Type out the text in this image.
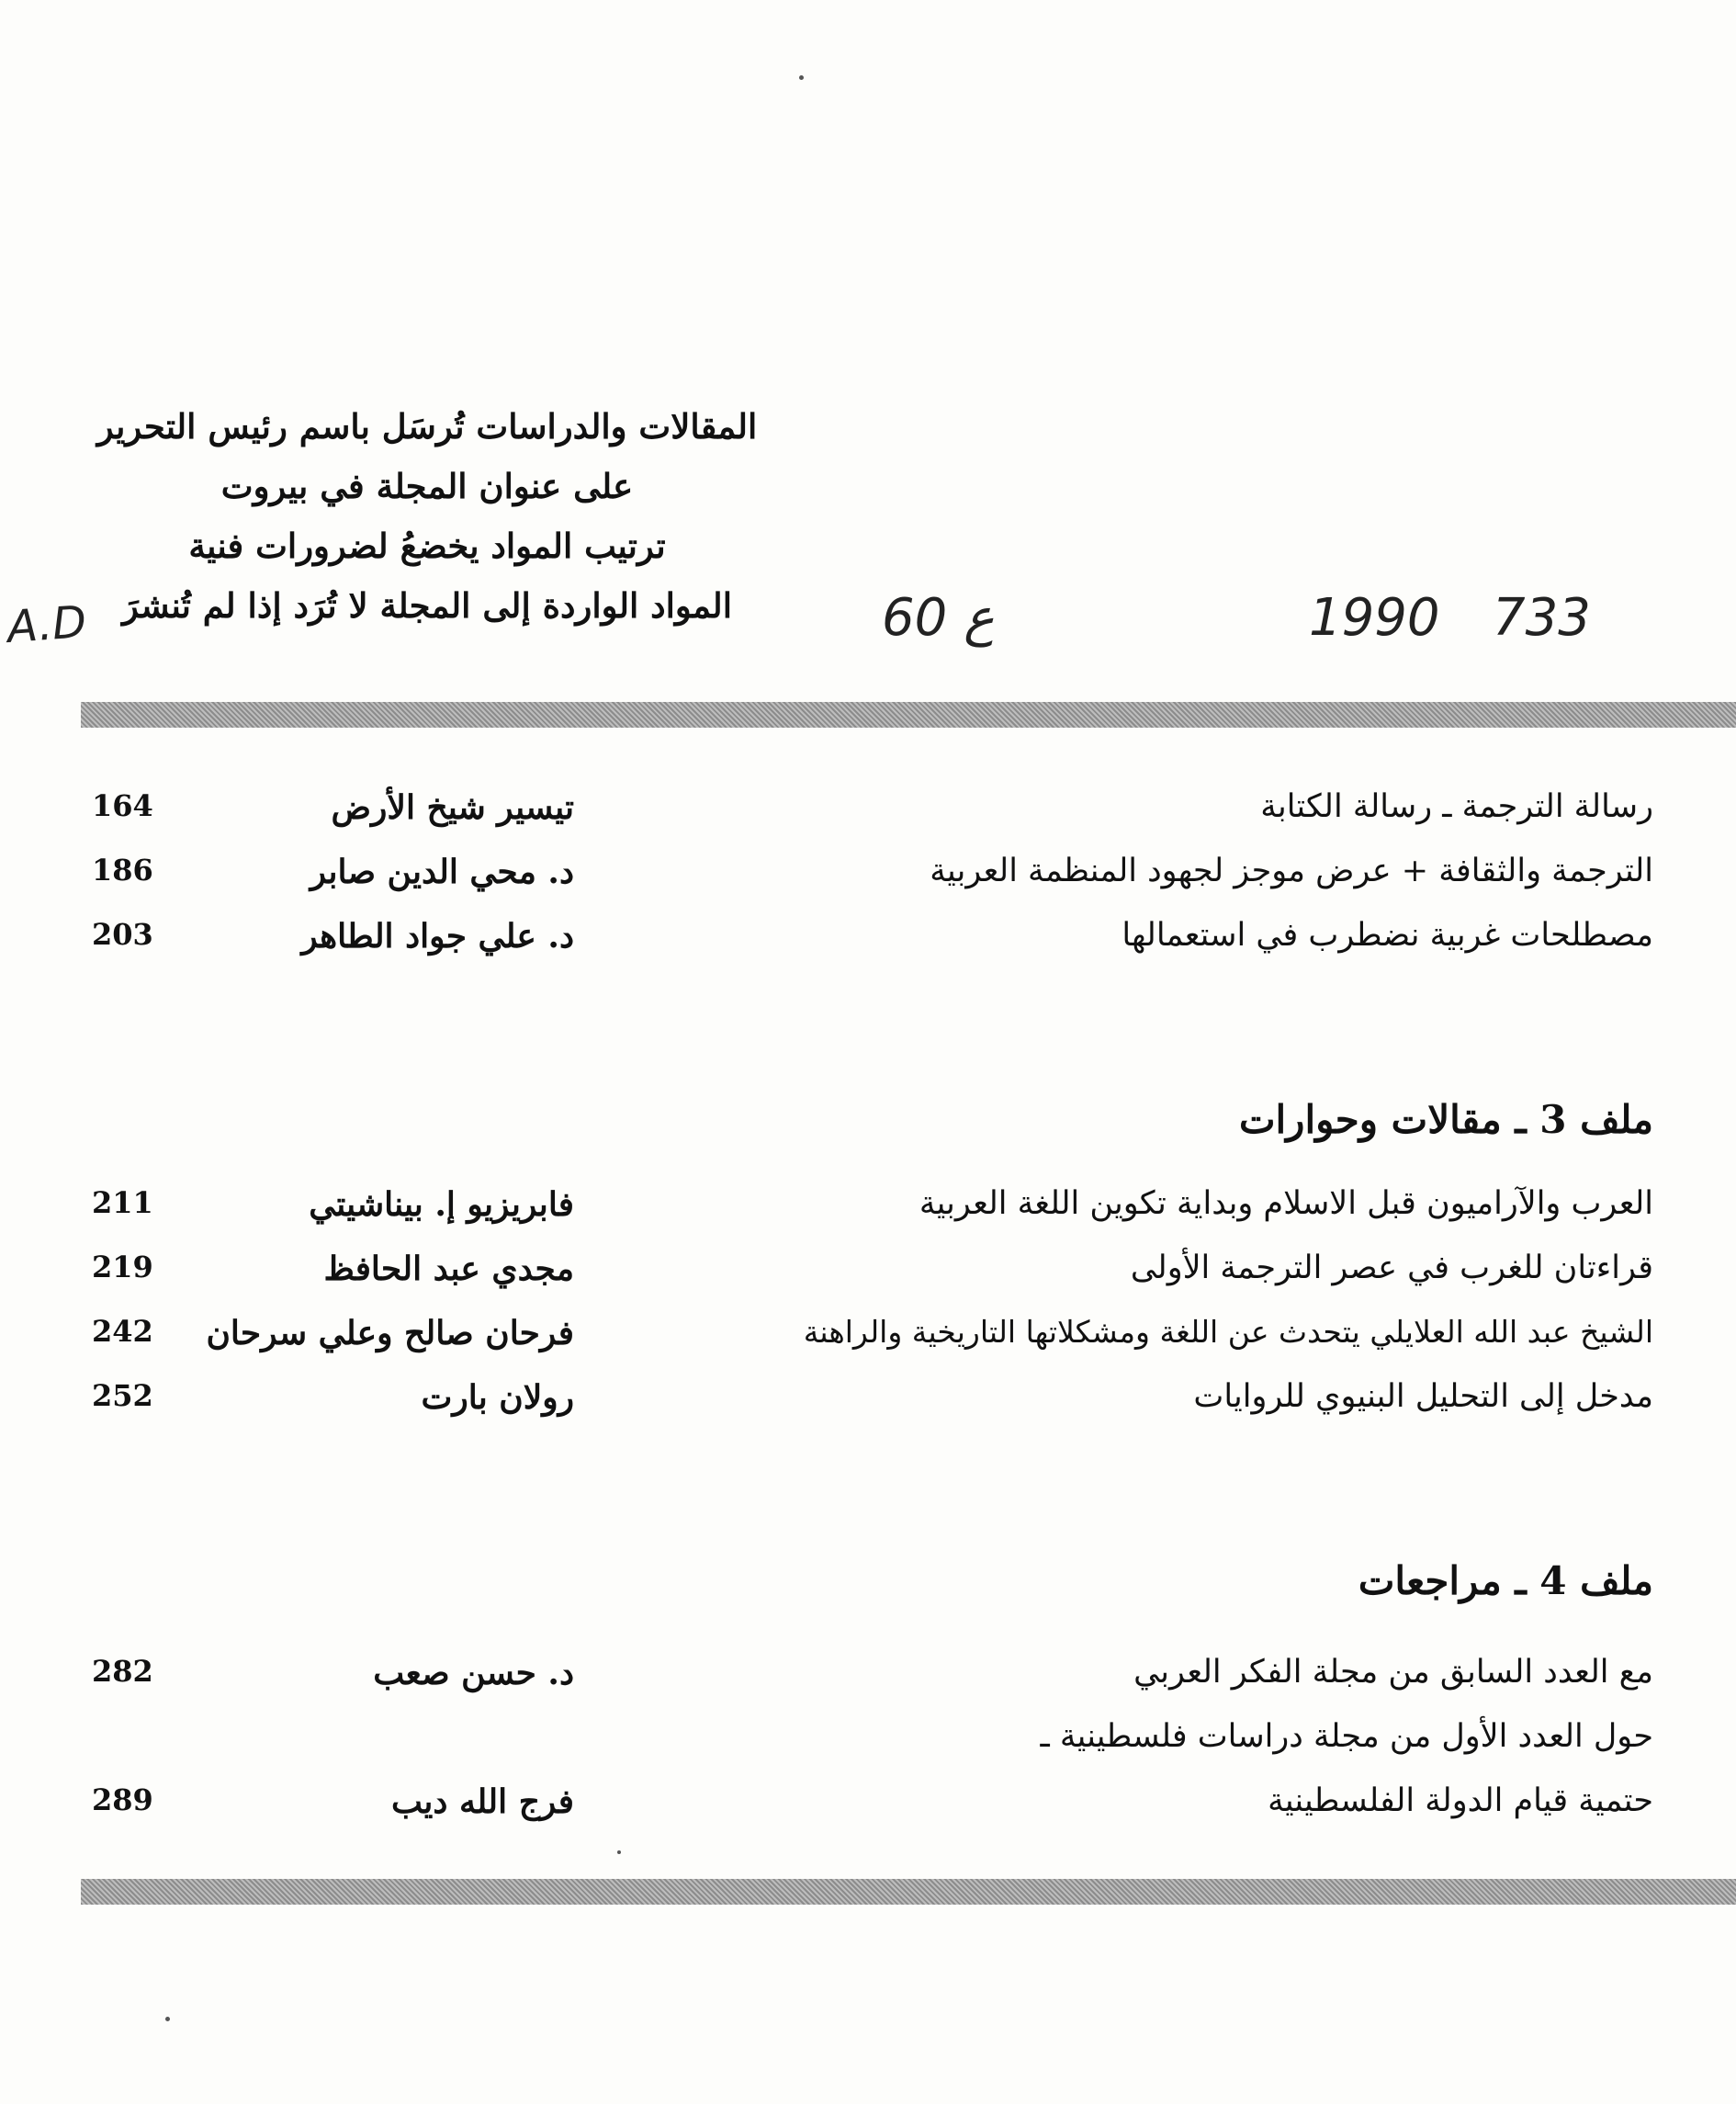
المقالات والدراسات تُرسَل باسم رئيس التحرير
على عنوان المجلة في بيروت
ترتيب المواد يخضعُ لضرورات فنية
المواد الواردة إلى المجلة لا تُرَد إذا لم تُنشرَ
A.D	60 ع	1990 733
164	تيسير شيخ الأرض	رسالة الترجمة ـ رسالة الكتابة
186	د. محي الدين صابر	الترجمة والثقافة + عرض موجز لجهود المنظمة العربية
203	د. علي جواد الطاهر	مصطلحات غربية نضطرب في استعمالها
ملف 3 ـ مقالات وحوارات
211	فابريزيو إ. بيناشيتي	العرب والآراميون قبل الاسلام وبداية تكوين اللغة العربية
219	مجدي عبد الحافظ	قراءتان للغرب في عصر الترجمة الأولى
242	فرحان صالح وعلي سرحان	الشيخ عبد الله العلايلي يتحدث عن اللغة ومشكلاتها التاريخية والراهنة
252	رولان بارت	مدخل إلى التحليل البنيوي للروايات
ملف 4 ـ مراجعات
282	د. حسن صعب	مع العدد السابق من مجلة الفكر العربي
حول العدد الأول من مجلة دراسات فلسطينية ـ
289	فرج الله ديب	حتمية قيام الدولة الفلسطينية
